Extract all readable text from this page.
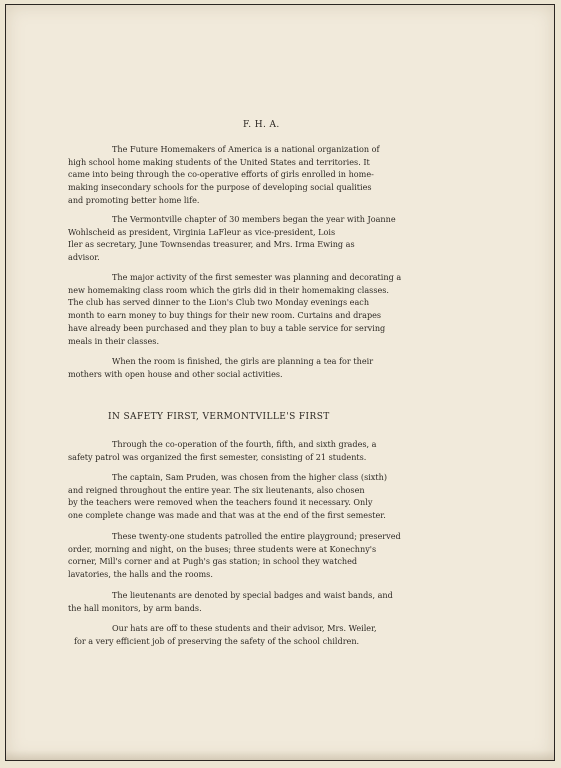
F. H. A.
The Future Homemakers of America is a national organization of
high school home making students of the United States and territories. It
came into being through the co-operative efforts of girls enrolled in home-
making insecondary schools for the purpose of developing social qualities
and promoting better home life.
The Vermontville chapter of 30 members began the year with Joanne
Wohlscheid as president, Virginia LaFleur as vice-president, Lois
Iler as secretary, June Townsendas treasurer, and Mrs. Irma Ewing as
advisor.
The major activity of the first semester was planning and decorating a
new homemaking class room which the girls did in their homemaking classes.
The club has served dinner to the Lion's Club two Monday evenings each
month to earn money to buy things for their new room. Curtains and drapes
have already been purchased and they plan to buy a table service for serving
meals in their classes.
When the room is finished, the girls are planning a tea for their
mothers with open house and other social activities.
IN SAFETY FIRST, VERMONTVILLE'S FIRST
Through the co-operation of the fourth, fifth, and sixth grades, a
safety patrol was organized the first semester, consisting of 21 students.
The captain, Sam Pruden, was chosen from the higher class (sixth)
and reigned throughout the entire year. The six lieutenants, also chosen
by the teachers were removed when the teachers found it necessary. Only
one complete change was made and that was at the end of the first semester.
These twenty-one students patrolled the entire playground; preserved
order, morning and night, on the buses; three students were at Konechny's
corner, Mill's corner and at Pugh's gas station; in school they watched
lavatories, the halls and the rooms.
The lieutenants are denoted by special badges and waist bands, and
the hall monitors, by arm bands.
Our hats are off to these students and their advisor, Mrs. Weiler,
for a very efficient job of preserving the safety of the school children.
